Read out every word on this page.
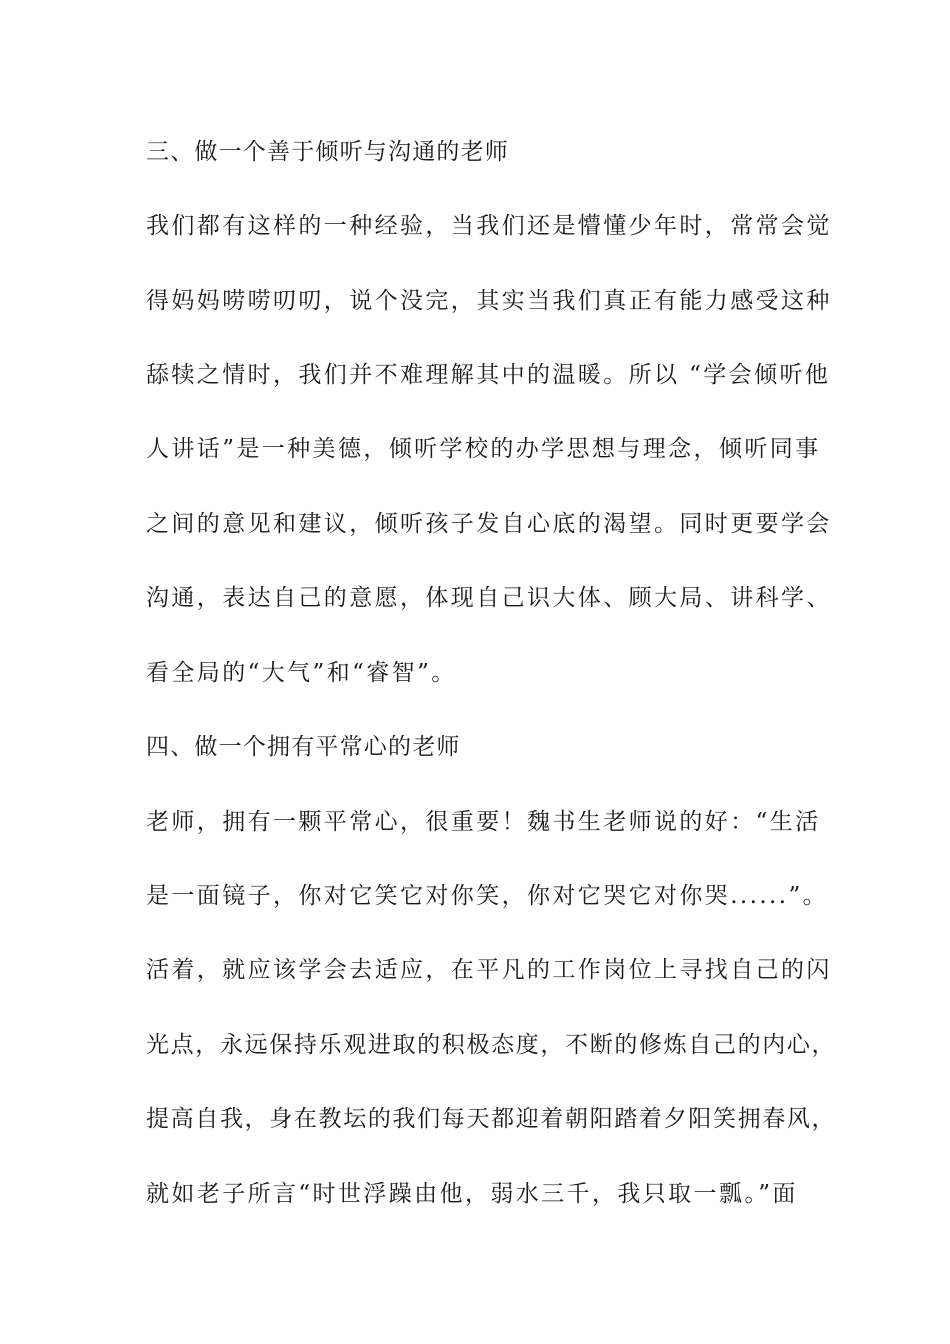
三、做一个善于倾听与沟通的老师
我们都有这样的一种经验，当我们还是懵懂少年时，常常会觉
得妈妈唠唠叨叨，说个没完，其实当我们真正有能力感受这种
舔犊之情时，我们并不难理解其中的温暖。所以 “学会倾听他
人讲话”是一种美德，倾听学校的办学思想与理念，倾听同事
之间的意见和建议，倾听孩子发自心底的渴望。同时更要学会
沟通，表达自己的意愿，体现自己识大体、顾大局、讲科学、
看全局的“大气”和“睿智”。
四、做一个拥有平常心的老师
老师，拥有一颗平常心，很重要！魏书生老师说的好：“生活
是一面镜子，你对它笑它对你笑，你对它哭它对你哭......”。
活着，就应该学会去适应，在平凡的工作岗位上寻找自己的闪
光点，永远保持乐观进取的积极态度，不断的修炼自己的内心，
提高自我，身在教坛的我们每天都迎着朝阳踏着夕阳笑拥春风，
就如老子所言“时世浮躁由他，弱水三千，我只取一瓢。”面
